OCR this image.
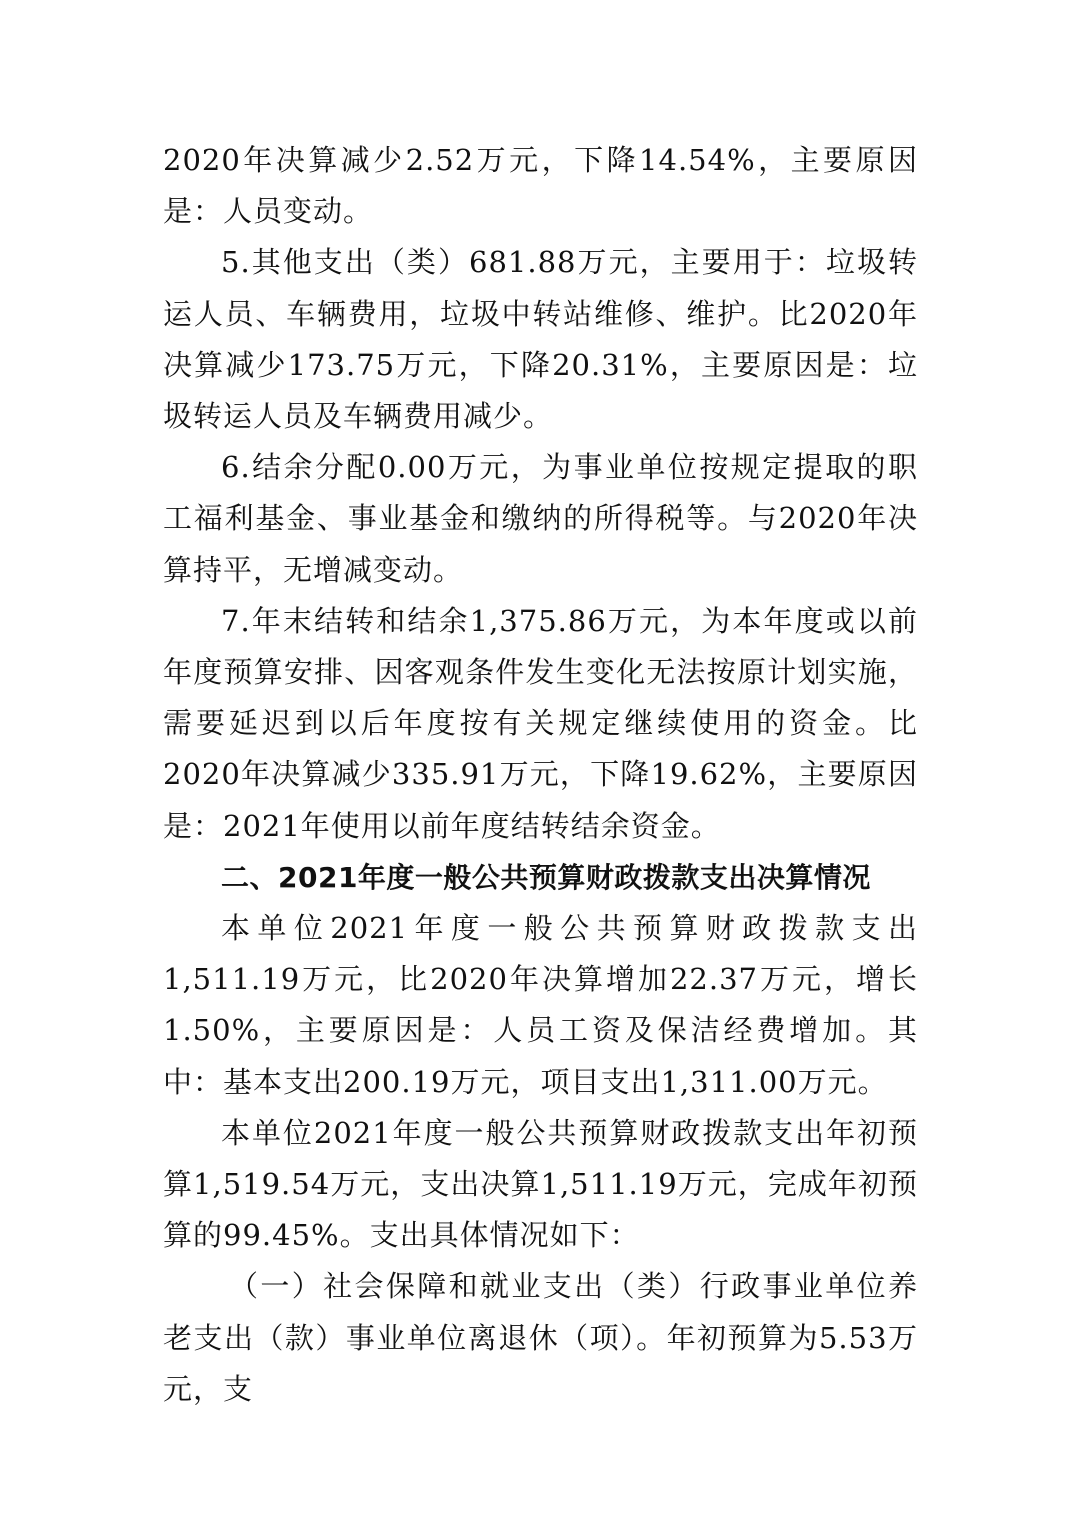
2020年决算减少2.52万元，下降14.54%，主要原因是：人员变动。

5.其他支出（类）681.88万元，主要用于：垃圾转运人员、车辆费用，垃圾中转站维修、维护。比2020年决算减少173.75万元，下降20.31%，主要原因是：垃圾转运人员及车辆费用减少。

6.结余分配0.00万元，为事业单位按规定提取的职工福利基金、事业基金和缴纳的所得税等。与2020年决算持平，无增减变动。

7.年末结转和结余1,375.86万元，为本年度或以前年度预算安排、因客观条件发生变化无法按原计划实施，需要延迟到以后年度按有关规定继续使用的资金。比2020年决算减少335.91万元，下降19.62%，主要原因是：2021年使用以前年度结转结余资金。

二、2021年度一般公共预算财政拨款支出决算情况

本单位2021年度一般公共预算财政拨款支出1,511.19万元，比2020年决算增加22.37万元，增长1.50%，主要原因是：人员工资及保洁经费增加。其中：基本支出200.19万元，项目支出1,311.00万元。

本单位2021年度一般公共预算财政拨款支出年初预算1,519.54万元，支出决算1,511.19万元，完成年初预算的99.45%。支出具体情况如下：

（一）社会保障和就业支出（类）行政事业单位养老支出（款）事业单位离退休（项）。年初预算为5.53万元，支
